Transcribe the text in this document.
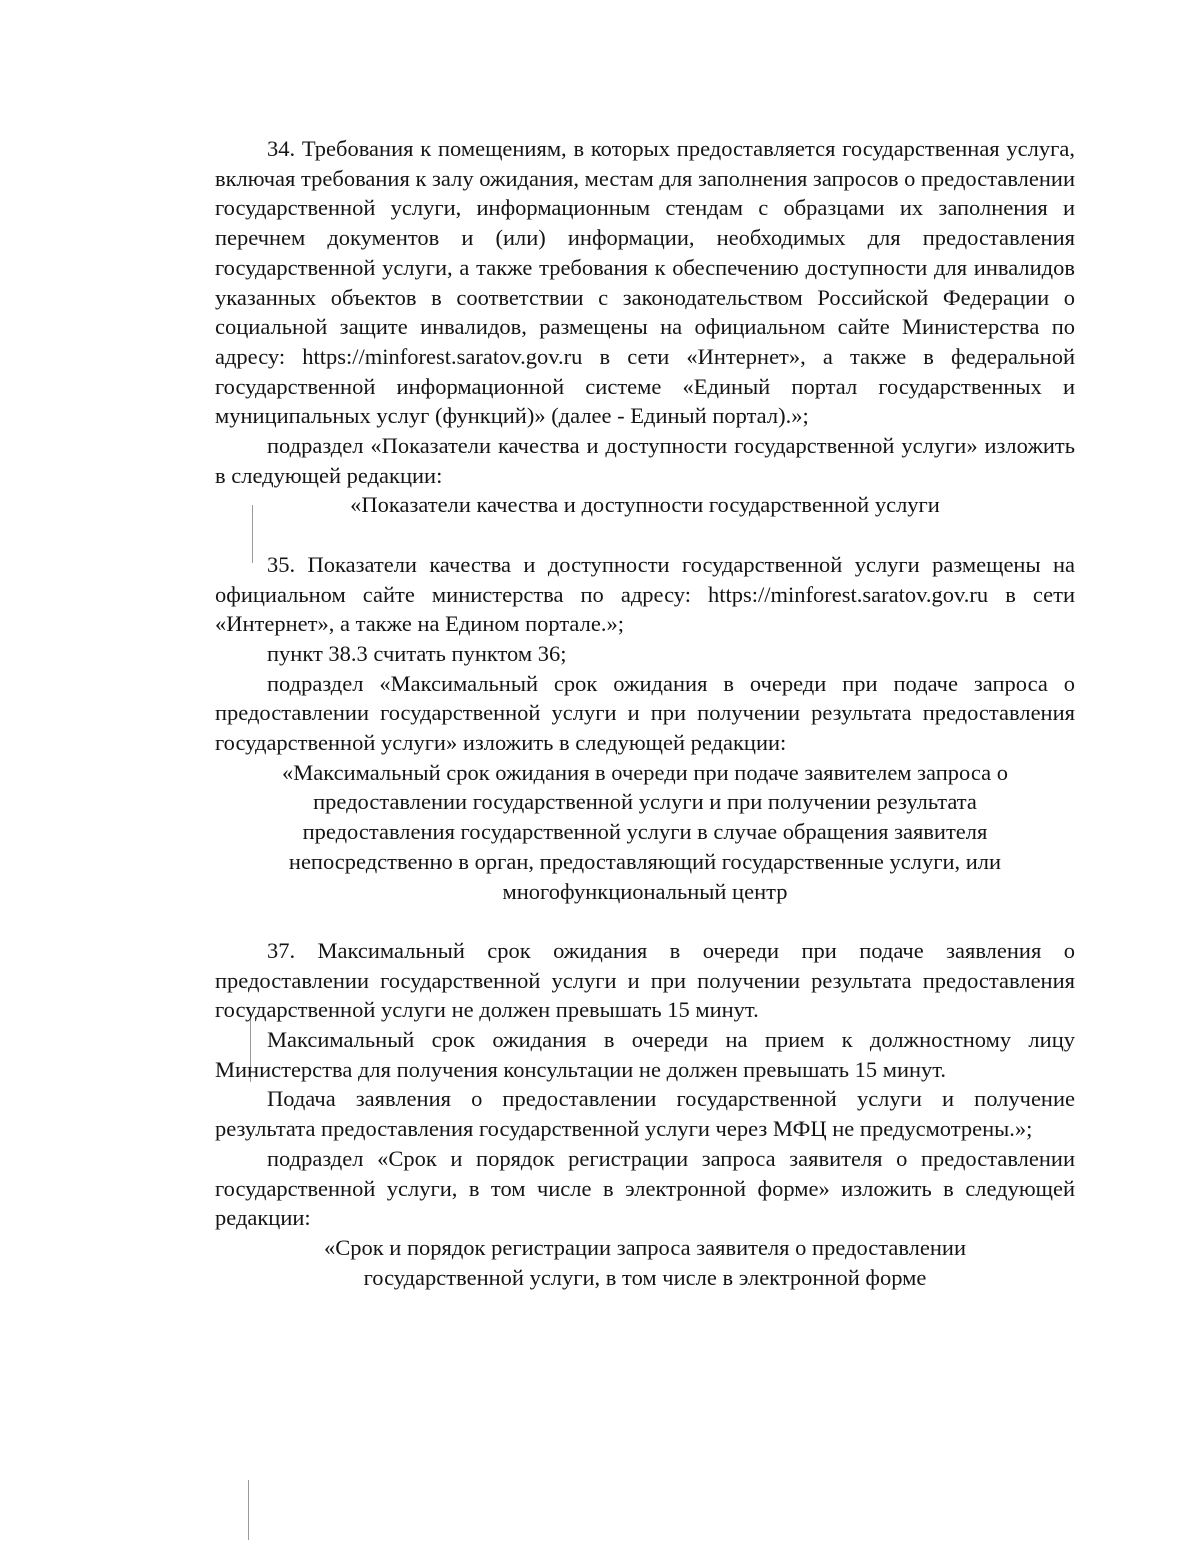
34. Требования к помещениям, в которых предоставляется государственная услуга, включая требования к залу ожидания, местам для заполнения запросов о предоставлении государственной услуги, информационным стендам с образцами их заполнения и перечнем документов и (или) информации, необходимых для предоставления государственной услуги, а также требования к обеспечению доступности для инвалидов указанных объектов в соответствии с законодательством Российской Федерации о социальной защите инвалидов, размещены на официальном сайте Министерства по адресу: https://minforest.saratov.gov.ru в сети «Интернет», а также в федеральной государственной информационной системе «Единый портал государственных и муниципальных услуг (функций)» (далее - Единый портал).»;

подраздел «Показатели качества и доступности государственной услуги» изложить в следующей редакции:

«Показатели качества и доступности государственной услуги

35. Показатели качества и доступности государственной услуги размещены на официальном сайте министерства по адресу: https://minforest.saratov.gov.ru в сети «Интернет», а также на Едином портале.»;

пункт 38.3 считать пунктом 36;

подраздел «Максимальный срок ожидания в очереди при подаче запроса о предоставлении государственной услуги и при получении результата предоставления государственной услуги» изложить в следующей редакции:

«Максимальный срок ожидания в очереди при подаче заявителем запроса о предоставлении государственной услуги и при получении результата предоставления государственной услуги в случае обращения заявителя непосредственно в орган, предоставляющий государственные услуги, или многофункциональный центр

37. Максимальный срок ожидания в очереди при подаче заявления о предоставлении государственной услуги и при получении результата предоставления государственной услуги не должен превышать 15 минут.

Максимальный срок ожидания в очереди на прием к должностному лицу Министерства для получения консультации не должен превышать 15 минут.

Подача заявления о предоставлении государственной услуги и получение результата предоставления государственной услуги через МФЦ не предусмотрены.»;

подраздел «Срок и порядок регистрации запроса заявителя о предоставлении государственной услуги, в том числе в электронной форме» изложить в следующей редакции:

«Срок и порядок регистрации запроса заявителя о предоставлении государственной услуги, в том числе в электронной форме
